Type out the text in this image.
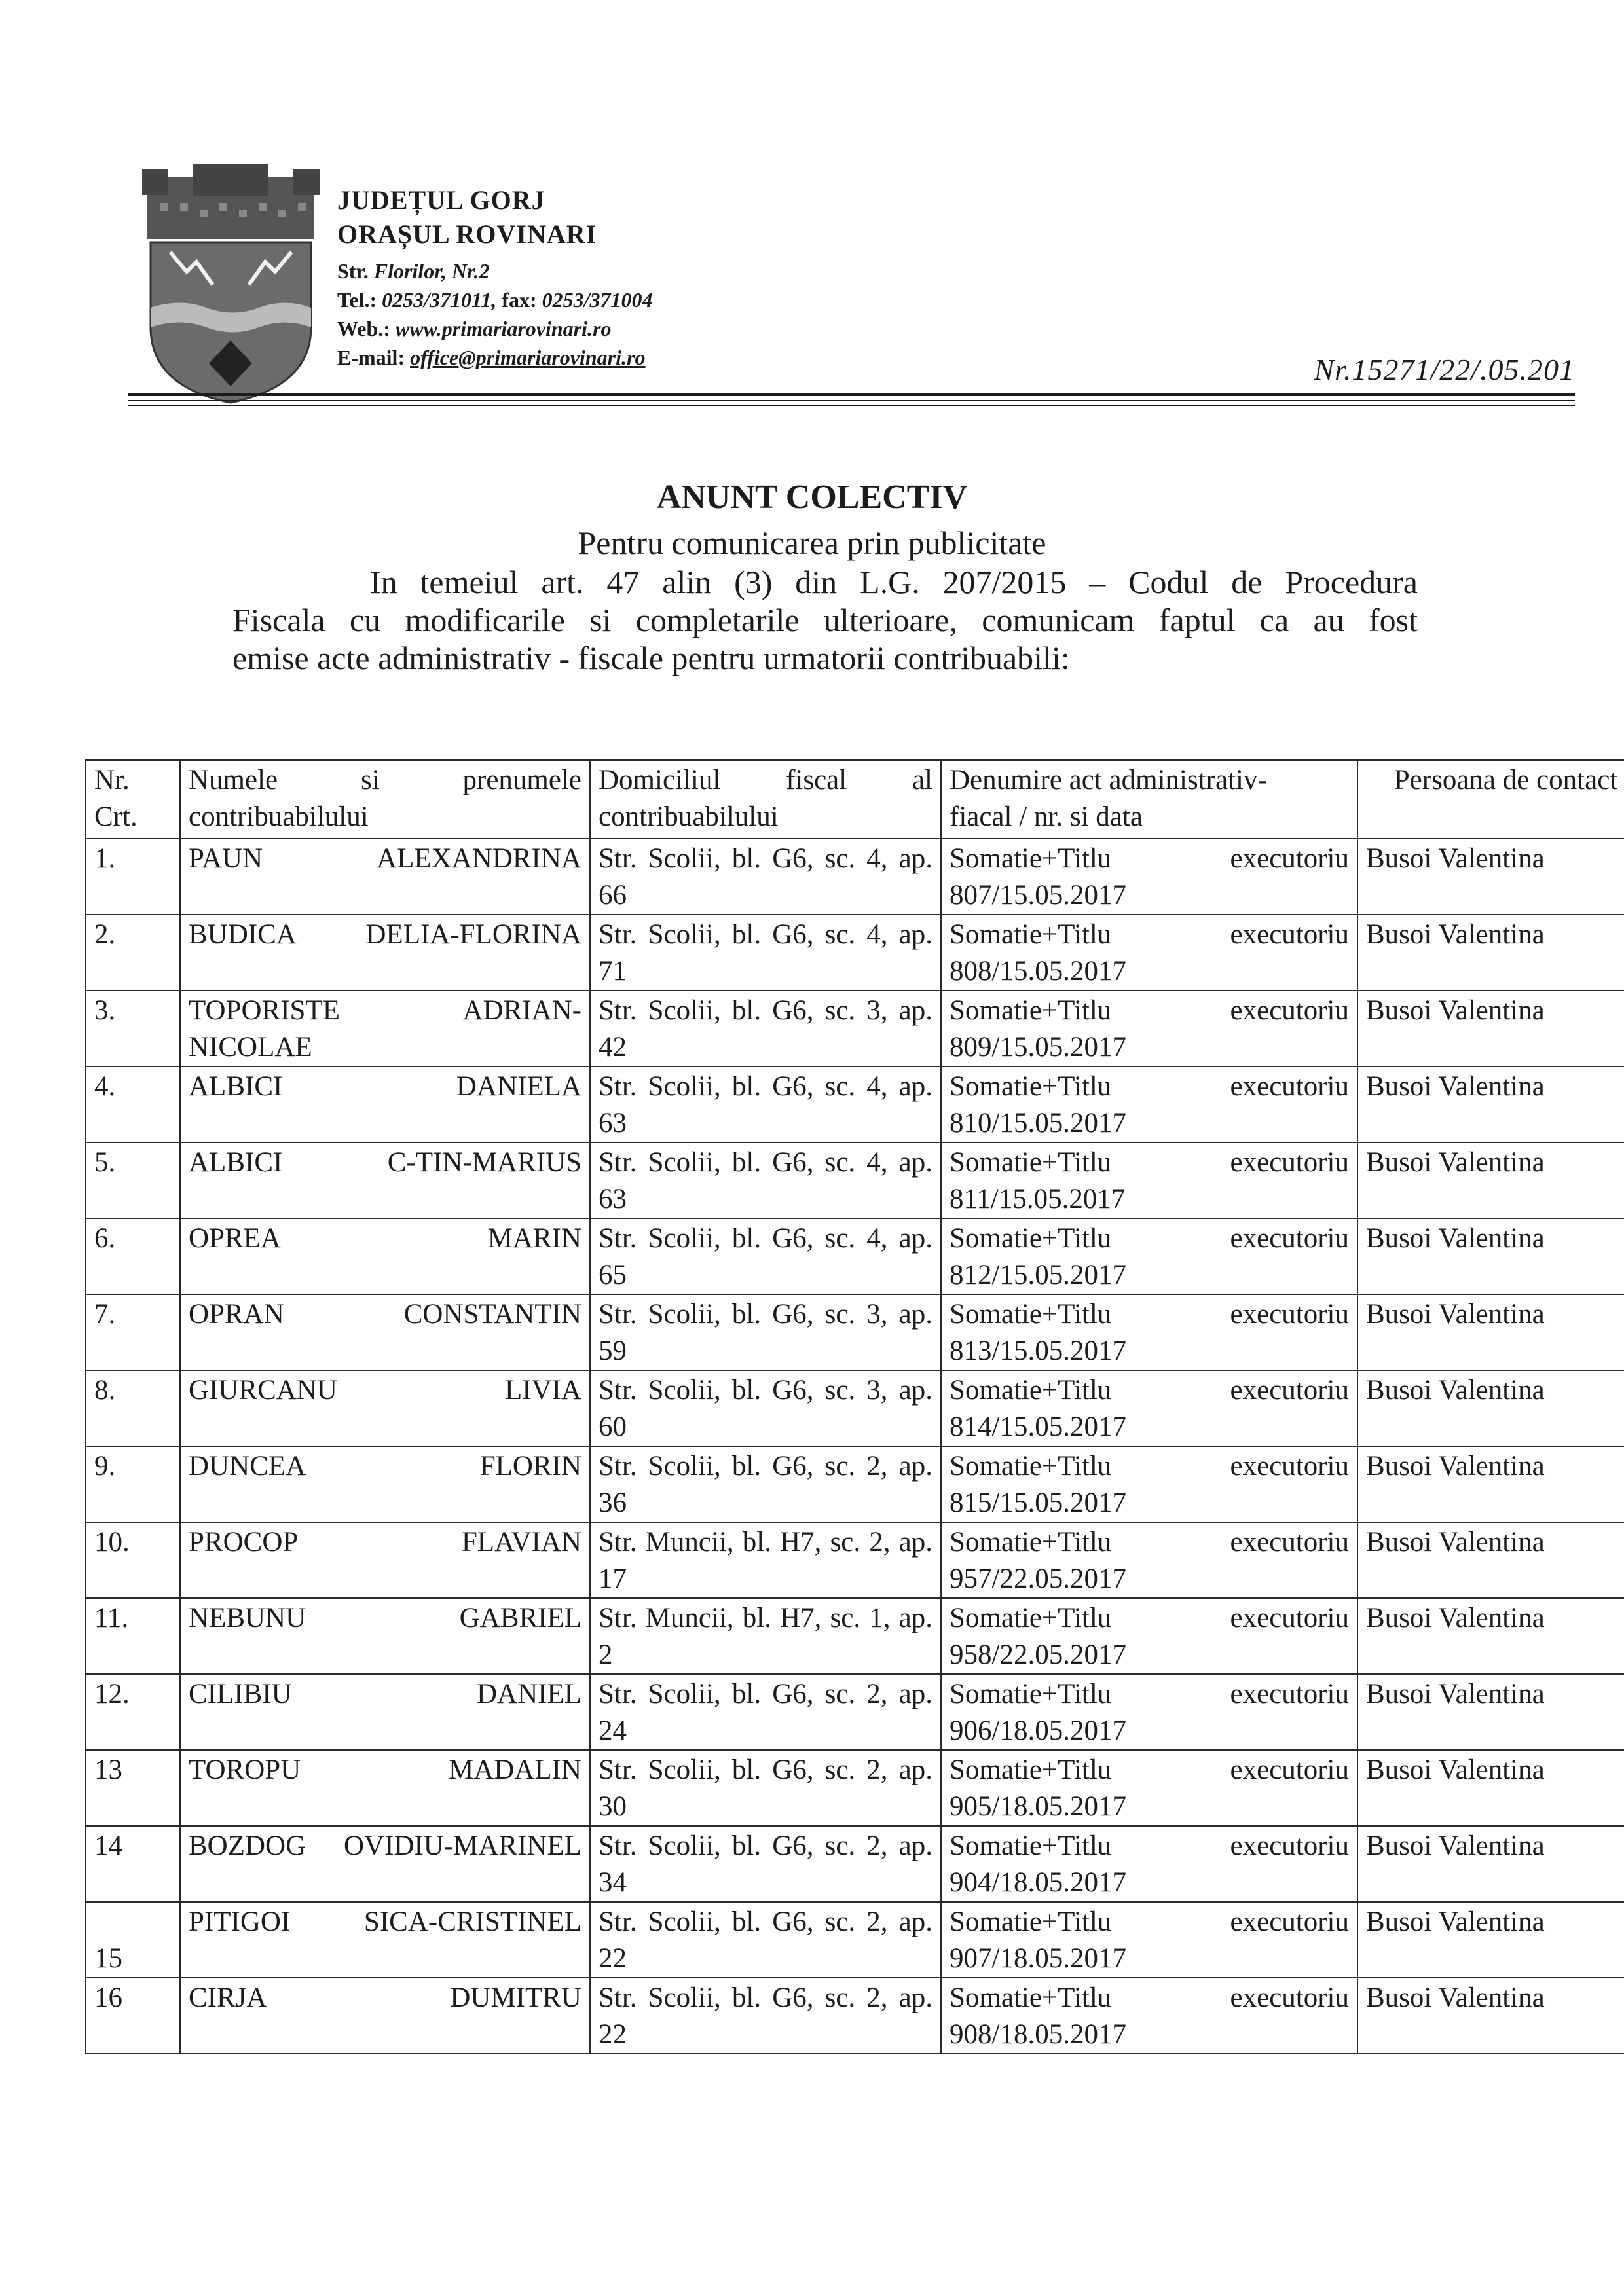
JUDEȚUL GORJ
ORAȘUL ROVINARI
Str. Florilor, Nr.2
Tel.: 0253/371011, fax: 0253/371004
Web.: www.primariarovinari.ro
E-mail: office@primariarovinari.ro	Nr.15271/22/.05.201
ANUNT COLECTIV
Pentru comunicarea prin publicitate
In temeiul art. 47 alin (3) din L.G. 207/2015 – Codul de Procedura
Fiscala cu modificarile si completarile ulterioare, comunicam faptul ca au fost
emise acte administrativ - fiscale pentru urmatorii contribuabili:
Nr. Crt.	Numele si prenumele contribuabilului	Domiciliul fiscal al contribuabilului	Denumire act administrativ-
fiacal / nr. si data	Persoana de contact
1.	PAUN ALEXANDRINA	Str. Scolii, bl. G6, sc. 4, ap. 66	Somatie+Titlu executoriu
807/15.05.2017	Busoi Valentina
2.	BUDICA DELIA-FLORINA	Str. Scolii, bl. G6, sc. 4, ap. 71	Somatie+Titlu executoriu
808/15.05.2017	Busoi Valentina
3.	TOPORISTE ADRIAN-NICOLAE	Str. Scolii, bl. G6, sc. 3, ap. 42	Somatie+Titlu executoriu
809/15.05.2017	Busoi Valentina
4.	ALBICI DANIELA	Str. Scolii, bl. G6, sc. 4, ap. 63	Somatie+Titlu executoriu
810/15.05.2017	Busoi Valentina
5.	ALBICI C-TIN-MARIUS	Str. Scolii, bl. G6, sc. 4, ap. 63	Somatie+Titlu executoriu
811/15.05.2017	Busoi Valentina
6.	OPREA MARIN	Str. Scolii, bl. G6, sc. 4, ap. 65	Somatie+Titlu executoriu
812/15.05.2017	Busoi Valentina
7.	OPRAN CONSTANTIN	Str. Scolii, bl. G6, sc. 3, ap. 59	Somatie+Titlu executoriu
813/15.05.2017	Busoi Valentina
8.	GIURCANU LIVIA	Str. Scolii, bl. G6, sc. 3, ap. 60	Somatie+Titlu executoriu
814/15.05.2017	Busoi Valentina
9.	DUNCEA FLORIN	Str. Scolii, bl. G6, sc. 2, ap. 36	Somatie+Titlu executoriu
815/15.05.2017	Busoi Valentina
10.	PROCOP FLAVIAN	Str. Muncii, bl. H7, sc. 2, ap. 17	Somatie+Titlu executoriu
957/22.05.2017	Busoi Valentina
11.	NEBUNU GABRIEL	Str. Muncii, bl. H7, sc. 1, ap. 2	Somatie+Titlu executoriu
958/22.05.2017	Busoi Valentina
12.	CILIBIU DANIEL	Str. Scolii, bl. G6, sc. 2, ap. 24	Somatie+Titlu executoriu
906/18.05.2017	Busoi Valentina
13	TOROPU MADALIN	Str. Scolii, bl. G6, sc. 2, ap. 30	Somatie+Titlu executoriu
905/18.05.2017	Busoi Valentina
14	BOZDOG OVIDIU-MARINEL	Str. Scolii, bl. G6, sc. 2, ap. 34	Somatie+Titlu executoriu
904/18.05.2017	Busoi Valentina
15	PITIGOI SICA-CRISTINEL	Str. Scolii, bl. G6, sc. 2, ap. 22	Somatie+Titlu executoriu
907/18.05.2017	Busoi Valentina
16	CIRJA DUMITRU	Str. Scolii, bl. G6, sc. 2, ap. 22	Somatie+Titlu executoriu
908/18.05.2017	Busoi Valentina
